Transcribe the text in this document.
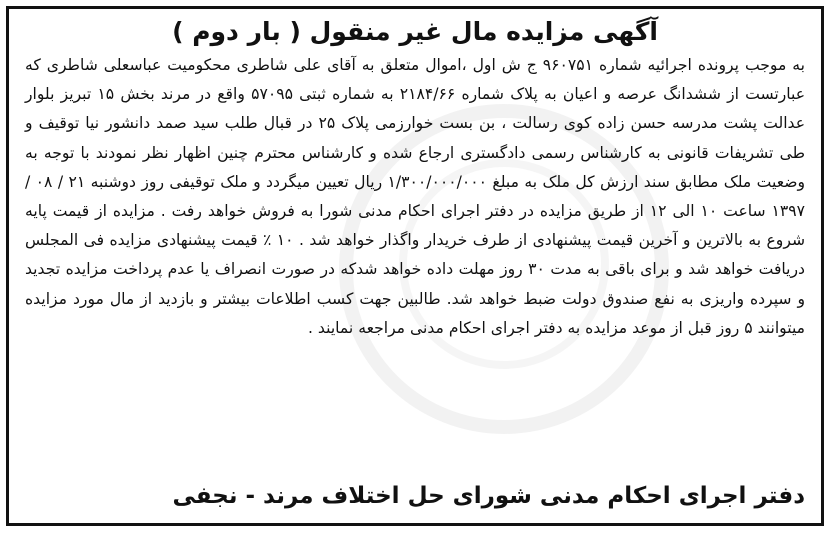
آگهی مزایده مال غیر منقول ( بار دوم )

به موجب پرونده اجرائیه شماره ۹۶۰۷۵۱ ج ش اول ،اموال متعلق به آقای علی شاطری محکومیت عباسعلی شاطری که عبارتست از ششدانگ عرصه و اعیان به پلاک شماره ۲۱۸۴/۶۶ به شماره ثبتی ۵۷۰۹۵ واقع در مرند بخش ۱۵ تبریز بلوار عدالت پشت مدرسه حسن زاده کوی رسالت ، بن بست خوارزمی پلاک ۲۵ در قبال طلب سید صمد دانشور نیا توقیف و طی تشریفات قانونی به کارشناس رسمی دادگستری ارجاع شده و کارشناس محترم چنین اظهار نظر نمودند با توجه به وضعیت ملک مطابق سند ارزش کل ملک به مبلغ ۱/۳۰۰/۰۰۰/۰۰۰ ریال تعیین میگردد و ملک توقیفی روز دوشنبه ۲۱ / ۰۸ / ۱۳۹۷ ساعت ۱۰ الی ۱۲ از طریق مزایده در دفتر اجرای احکام مدنی شورا به فروش خواهد رفت . مزایده از قیمت پایه شروع به بالاترین و آخرین قیمت پیشنهادی از طرف خریدار واگذار خواهد شد . ۱۰ ٪ قیمت پیشنهادی مزایده فی المجلس دریافت خواهد شد و برای باقی به مدت ۳۰ روز مهلت داده خواهد شدکه در صورت انصراف یا عدم پرداخت مزایده تجدید و سپرده واریزی به نفع صندوق دولت ضبط خواهد شد. طالبین جهت کسب اطلاعات بیشتر و بازدید از مال مورد مزایده میتوانند ۵ روز قبل از موعد مزایده به دفتر اجرای احکام مدنی مراجعه نمایند .

دفتر اجرای احکام مدنی شورای حل اختلاف مرند - نجفی
